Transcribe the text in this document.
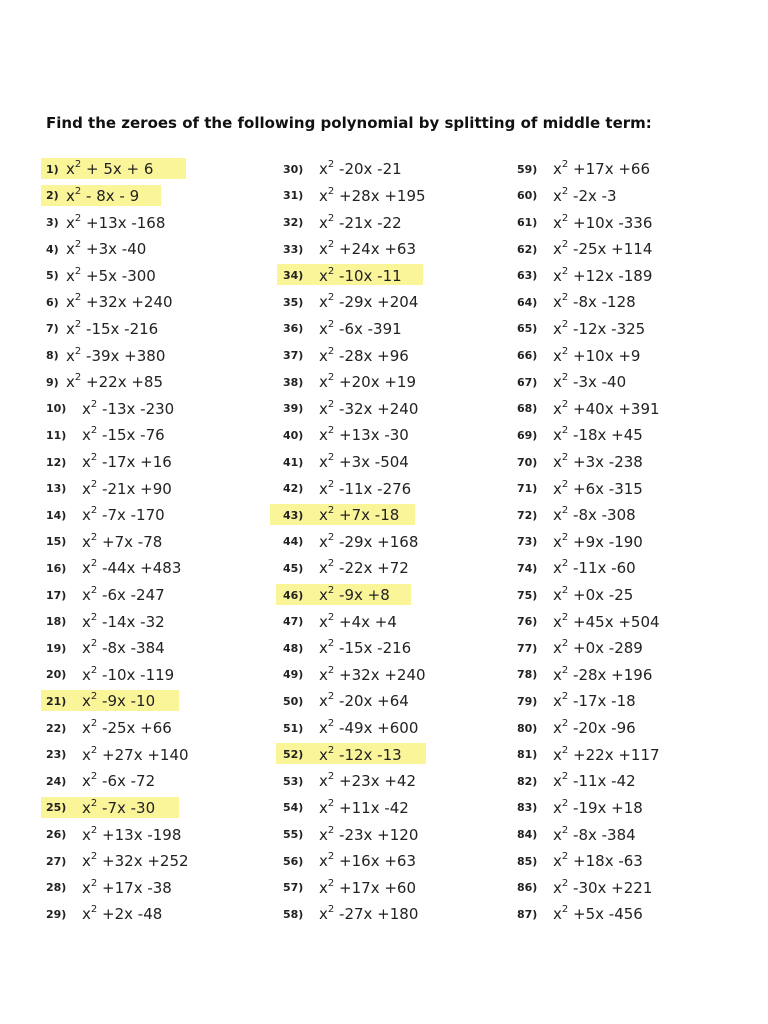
Find the zeroes of the following polynomial by splitting of middle term:
1) $x^2 + 5x + 6$
2) $x^2 - 8x - 9$
3) $x^2 +13x$ -168
4) $x^2 +3x$ -40
5) $x^2 +5x$ -300
6) $x^2 +32x +240$
7) $x^2$ -15x -216
8) $x^2$ -39x +380
9) $x^2 +22x +85$
10)	$x^2$ -13x -230
11)	$x^2$ -15x -76
12)	$x^2$ -17x +16
13)	$x^2$ -21x +90
14)	$x^2$ -7x -170
15)	$x^2 +7x$ -78
16)	$x^2$ -44x +483
17)	$x^2$ -6x -247
18)	$x^2$ -14x -32
19)	$x^2$ -8x -384
20)	$x^2$ -10x -119
21)	$x^2$ -9x -10
22)	$x^2$ -25x +66
23)	$x^2 +27x +140$
24)	$x^2$ -6x -72
25)	$x^2$ -7x -30
26)	$x^2 +13x$ -198
27)	$x^2 +32x +252$
28)	$x^2 +17x$ -38
29)	$x^2 +2x$ -48
30)	$x^2$ -20x -21
31)	$x^2 +28x +195$
32)	$x^2$ -21x -22
33)	$x^2 +24x +63$
34)	$x^2$ -10x -11
35)	$x^2$ -29x +204
36)	$x^2$ -6x -391
37)	$x^2$ -28x +96
38)	$x^2 +20x +19$
39)	$x^2$ -32x +240
40)	$x^2 +13x$ -30
41)	$x^2 +3x$ -504
42)	$x^2$ -11x -276
43)	$x^2 +7x$ -18
44)	$x^2$ -29x +168
45)	$x^2$ -22x +72
46)	$x^2$ -9x +8
47)	$x^2 +4x +4$
48)	$x^2$ -15x -216
49)	$x^2 +32x +240$
50)	$x^2$ -20x +64
51)	$x^2$ -49x +600
52)	$x^2$ -12x -13
53)	$x^2 +23x +42$
54)	$x^2 +11x$ -42
55)	$x^2$ -23x +120
56)	$x^2 +16x +63$
57)	$x^2 +17x +60$
58)	$x^2$ -27x +180
59)	$x^2 +17x +66$
60)	$x^2$ -2x -3
61)	$x^2 +10x$ -336
62)	$x^2$ -25x +114
63)	$x^2 +12x$ -189
64)	$x^2$ -8x -128
65)	$x^2$ -12x -325
66)	$x^2 +10x +9$
67)	$x^2$ -3x -40
68)	$x^2 +40x +391$
69)	$x^2$ -18x +45
70)	$x^2 +3x$ -238
71)	$x^2 +6x$ -315
72)	$x^2$ -8x -308
73)	$x^2 +9x$ -190
74)	$x^2$ -11x -60
75)	$x^2 +0x$ -25
76)	$x^2 +45x +504$
77)	$x^2 +0x$ -289
78)	$x^2$ -28x +196
79)	$x^2$ -17x -18
80)	$x^2$ -20x -96
81)	$x^2 +22x +117$
82)	$x^2$ -11x -42
83)	$x^2$ -19x +18
84)	$x^2$ -8x -384
85)	$x^2 +18x$ -63
86)	$x^2$ -30x +221
87)	$x^2 +5x$ -456
